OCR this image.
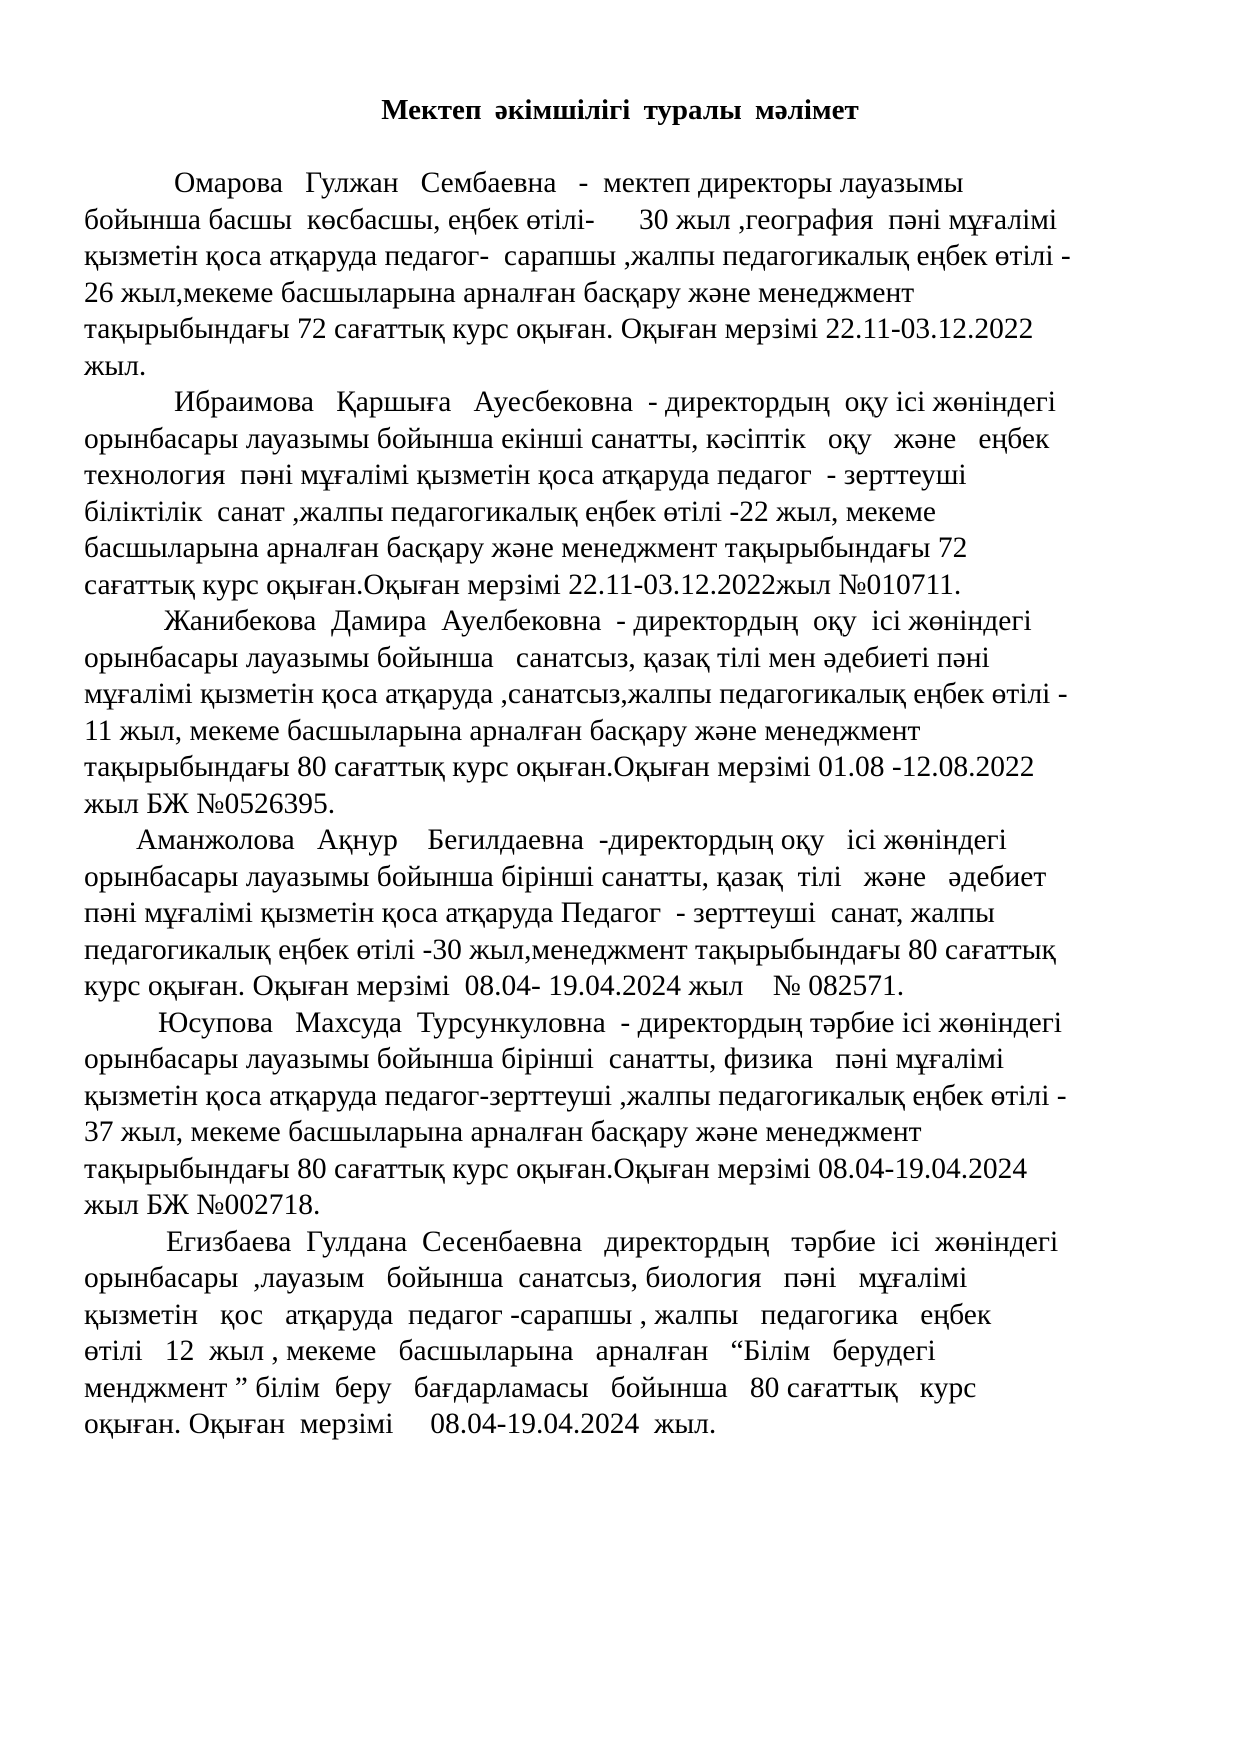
Мектеп әкімшілігі туралы мәлімет

Омарова   Гулжан   Сембаевна   -  мектеп директоры лауазымы
бойынша басшы  көсбасшы, еңбек өтілі-      30 жыл ,география  пәні мұғалімі
қызметін қоса атқаруда педагог-  сарапшы ,жалпы педагогикалық еңбек өтілі -
26 жыл,мекеме басшыларына арналған басқару және менеджмент
тақырыбындағы 72 сағаттық курс оқыған. Оқыған мерзімі 22.11-03.12.2022
жыл.

Ибраимова   Қаршыға   Ауесбековна  - директордың  оқу ісі жөніндегі
орынбасары лауазымы бойынша екінші санатты, кәсіптік   оқу   және   еңбек
технология  пәні мұғалімі қызметін қоса атқаруда педагог  - зерттеуші
біліктілік  санат ,жалпы педагогикалық еңбек өтілі -22 жыл, мекеме
басшыларына арналған басқару және менеджмент тақырыбындағы 72
сағаттық курс оқыған.Оқыған мерзімі 22.11-03.12.2022жыл №010711.

Жанибекова  Дамира  Ауелбековна  - директордың  оқу  ісі жөніндегі
орынбасары лауазымы бойынша   санатсыз, қазақ тілі мен әдебиеті пәні
мұғалімі қызметін қоса атқаруда ,санатсыз,жалпы педагогикалық еңбек өтілі -
11 жыл, мекеме басшыларына арналған басқару және менеджмент
тақырыбындағы 80 сағаттық курс оқыған.Оқыған мерзімі 01.08 -12.08.2022
жыл БЖ №0526395.

Аманжолова   Ақнур    Бегилдаевна  -директордың оқу   ісі жөніндегі
орынбасары лауазымы бойынша бірінші санатты, қазақ  тілі   және   әдебиет
пәні мұғалімі қызметін қоса атқаруда Педагог  - зерттеуші  санат, жалпы
педагогикалық еңбек өтілі -30 жыл,менеджмент тақырыбындағы 80 сағаттық
курс оқыған. Оқыған мерзімі  08.04- 19.04.2024 жыл    № 082571.

Юсупова   Махсуда  Турсункуловна  - директордың тәрбие ісі жөніндегі
орынбасары лауазымы бойынша бірінші  санатты, физика   пәні мұғалімі
қызметін қоса атқаруда педагог-зерттеуші ,жалпы педагогикалық еңбек өтілі -
37 жыл, мекеме басшыларына арналған басқару және менеджмент
тақырыбындағы 80 сағаттық курс оқыған.Оқыған мерзімі 08.04-19.04.2024
жыл БЖ №002718.

Егизбаева  Гулдана  Сесенбаевна   директордың   тәрбие  ісі  жөніндегі
орынбасары  ,лауазым   бойынша  санатсыз, биология   пәні   мұғалімі
қызметін   қос   атқаруда  педагог -сарапшы , жалпы   педагогика   еңбек
өтілі   12  жыл , мекеме   басшыларына   арналған   “Білім   берудегі
менджмент ” білім  беру   бағдарламасы   бойынша   80 сағаттық   курс
оқыған. Оқыған  мерзімі     08.04-19.04.2024  жыл.
